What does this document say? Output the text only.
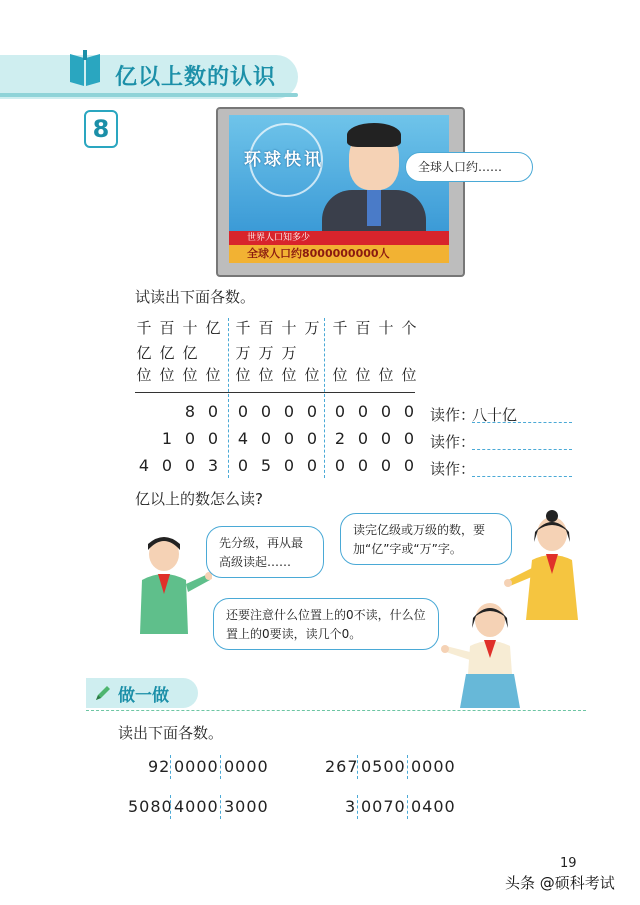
亿以上数的认识
8
环球快讯
世界人口知多少
全球人口约8000000000人
全球人口约……
试读出下面各数。
千 百 十 亿 千 百 十 万 千 百 十 个
亿 亿 亿	万 万 万
位 位 位 位 位 位 位 位 位 位 位 位
8 0	0 0 0 0	0 0 0 0	读作：
八十亿
1 0 0	4 0 0 0	2 0 0 0	读作：
4 0 0 3	0 5 0 0	0 0 0 0	读作：
亿以上的数怎么读?
先分级，再从最高级读起……
读完亿级或万级的数，要加“亿”字或“万”字。
还要注意什么位置上的0不读，什么位置上的0要读，读几个0。
做一做
读出下面各数。
92 0000 0000	267 0500 0000
5080 4000 3000	3 0070 0400
19
头条 @硕科考试
